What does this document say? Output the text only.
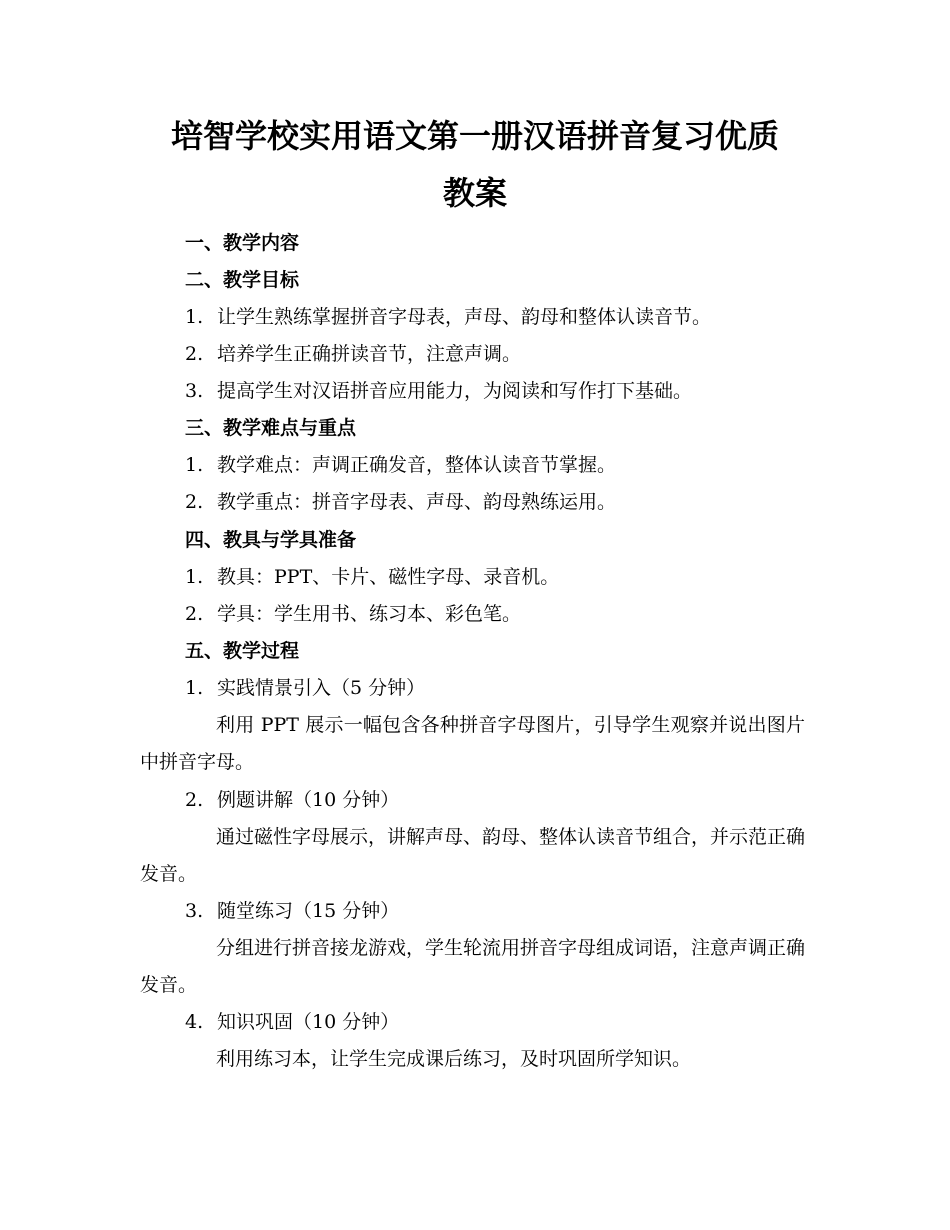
培智学校实用语文第一册汉语拼音复习优质
教案

一、教学内容

二、教学目标

1. 让学生熟练掌握拼音字母表，声母、韵母和整体认读音节。

2. 培养学生正确拼读音节，注意声调。

3. 提高学生对汉语拼音应用能力，为阅读和写作打下基础。

三、教学难点与重点

1. 教学难点：声调正确发音，整体认读音节掌握。

2. 教学重点：拼音字母表、声母、韵母熟练运用。

四、教具与学具准备

1. 教具：PPT、卡片、磁性字母、录音机。

2. 学具：学生用书、练习本、彩色笔。

五、教学过程

1. 实践情景引入（5 分钟）

利用 PPT 展示一幅包含各种拼音字母图片，引导学生观察并说出图片中拼音字母。

2. 例题讲解（10 分钟）

通过磁性字母展示，讲解声母、韵母、整体认读音节组合，并示范正确发音。

3. 随堂练习（15 分钟）

分组进行拼音接龙游戏，学生轮流用拼音字母组成词语，注意声调正确发音。

4. 知识巩固（10 分钟）

利用练习本，让学生完成课后练习，及时巩固所学知识。
